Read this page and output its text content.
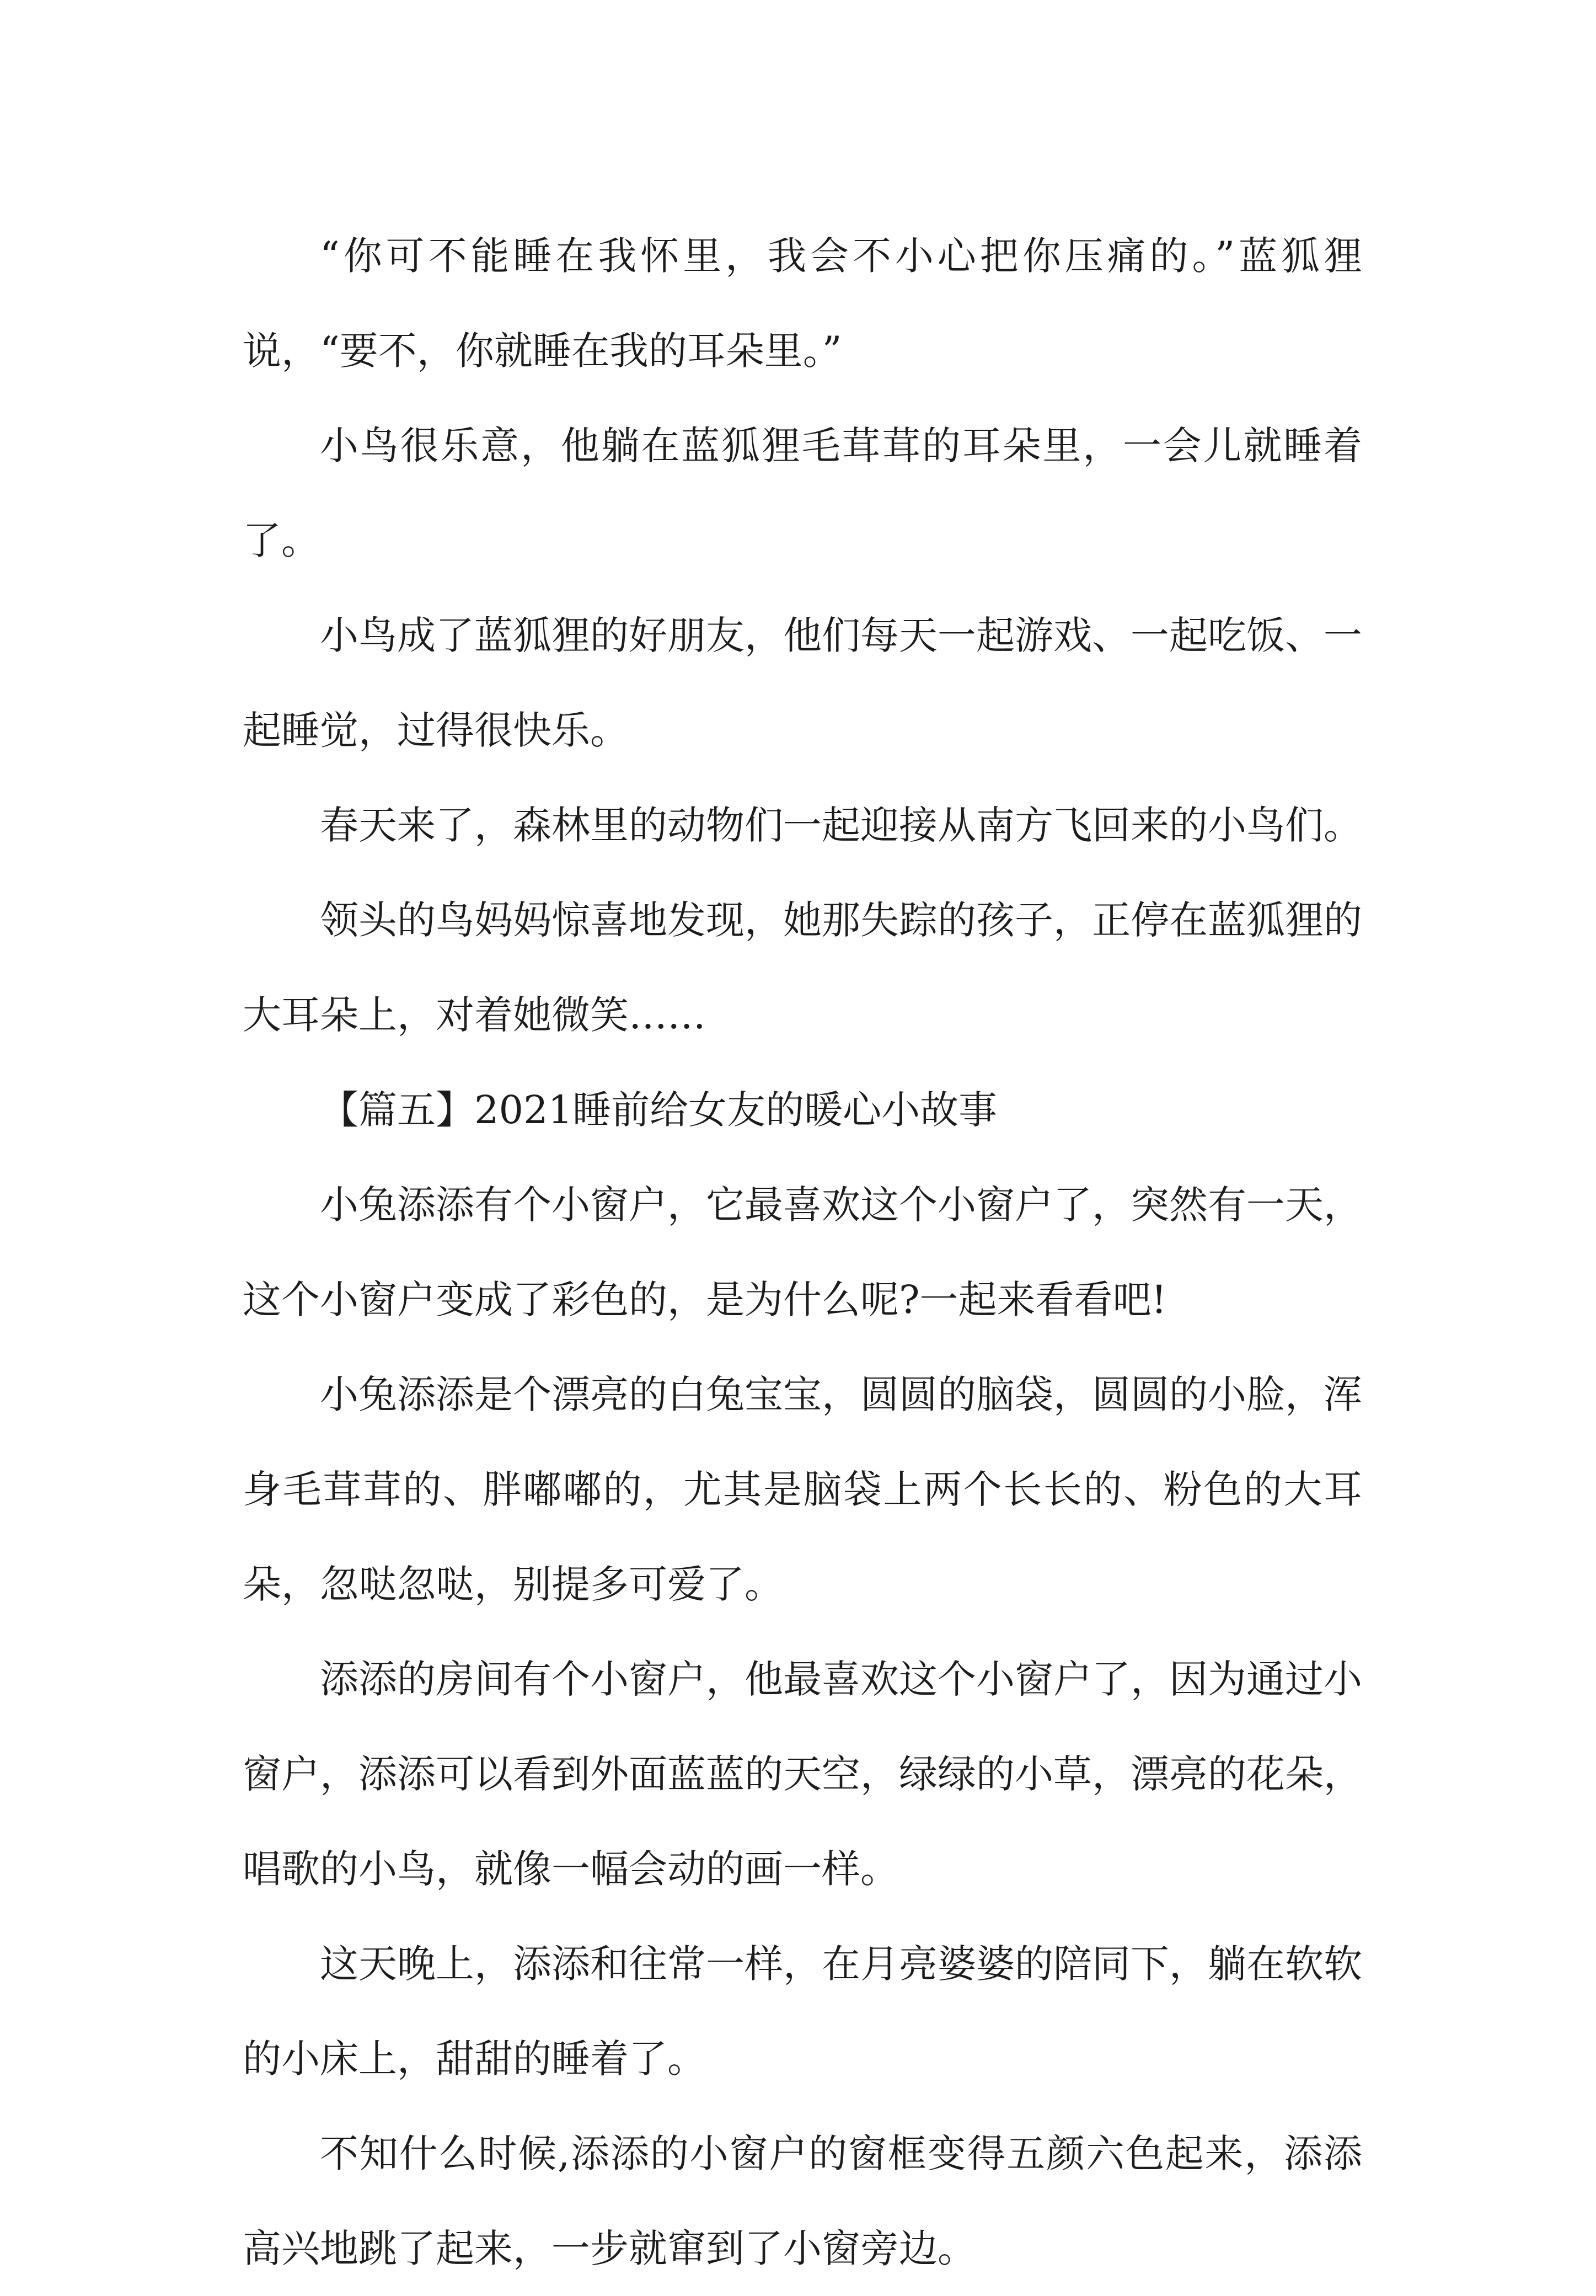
“你可不能睡在我怀里，我会不小心把你压痛的。”蓝狐狸说，“要不，你就睡在我的耳朵里。”

小鸟很乐意，他躺在蓝狐狸毛茸茸的耳朵里，一会儿就睡着了。

小鸟成了蓝狐狸的好朋友，他们每天一起游戏、一起吃饭、一起睡觉，过得很快乐。

春天来了，森林里的动物们一起迎接从南方飞回来的小鸟们。

领头的鸟妈妈惊喜地发现，她那失踪的孩子，正停在蓝狐狸的大耳朵上，对着她微笑……

【篇五】2021睡前给女友的暖心小故事

小兔添添有个小窗户，它最喜欢这个小窗户了，突然有一天，这个小窗户变成了彩色的，是为什么呢?一起来看看吧!

小兔添添是个漂亮的白兔宝宝，圆圆的脑袋，圆圆的小脸，浑身毛茸茸的、胖嘟嘟的，尤其是脑袋上两个长长的、粉色的大耳朵，忽哒忽哒，别提多可爱了。

添添的房间有个小窗户，他最喜欢这个小窗户了，因为通过小窗户，添添可以看到外面蓝蓝的天空，绿绿的小草，漂亮的花朵，唱歌的小鸟，就像一幅会动的画一样。

这天晚上，添添和往常一样，在月亮婆婆的陪同下，躺在软软的小床上，甜甜的睡着了。

不知什么时候,添添的小窗户的窗框变得五颜六色起来，添添高兴地跳了起来，一步就窜到了小窗旁边。
